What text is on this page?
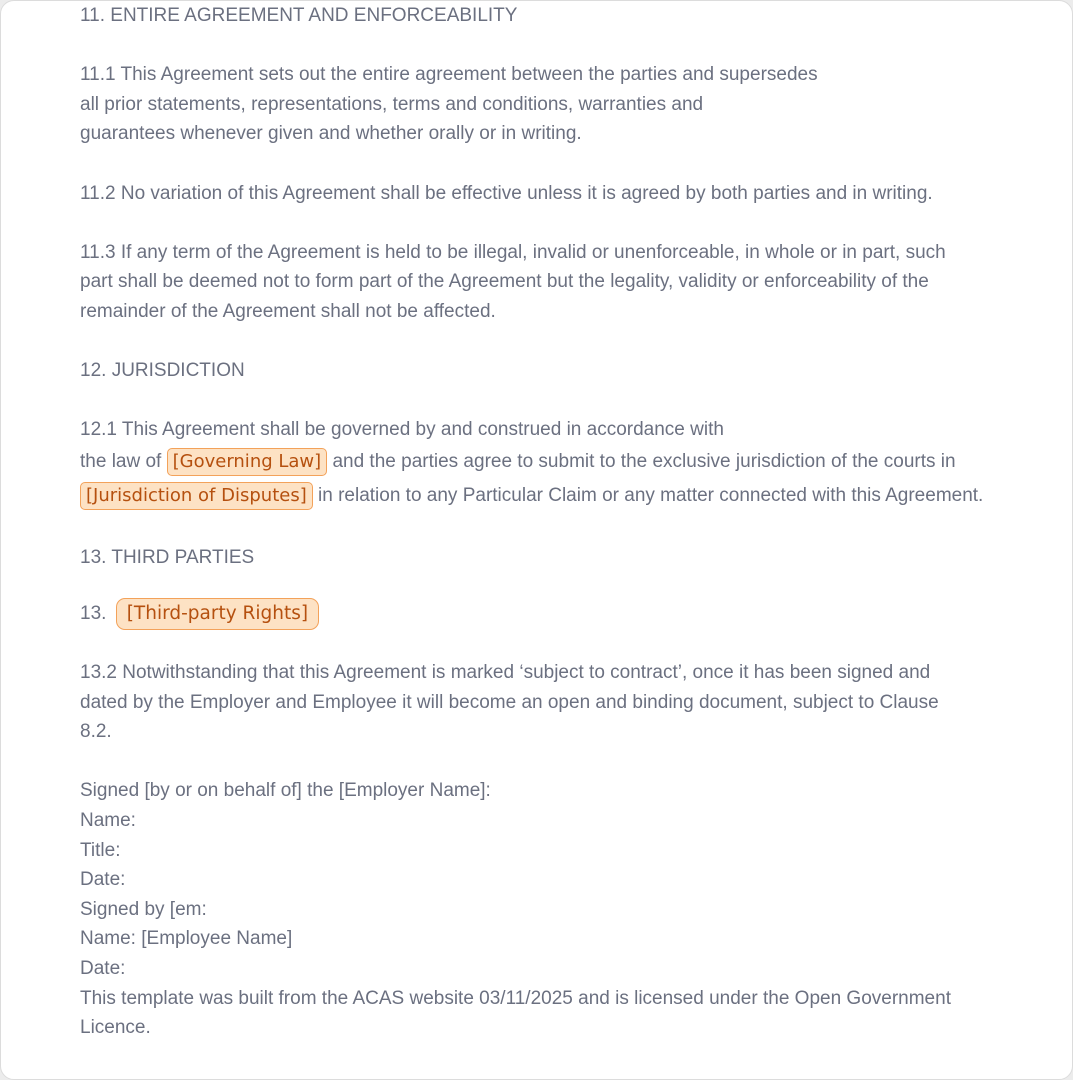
11. ENTIRE AGREEMENT AND ENFORCEABILITY
11.1 This Agreement sets out the entire agreement between the parties and supersedes
all prior statements, representations, terms and conditions, warranties and
guarantees whenever given and whether orally or in writing.
11.2 No variation of this Agreement shall be effective unless it is agreed by both parties and in writing.
11.3 If any term of the Agreement is held to be illegal, invalid or unenforceable, in whole or in part, such
part shall be deemed not to form part of the Agreement but the legality, validity or enforceability of the
remainder of the Agreement shall not be affected.
12. JURISDICTION
12.1 This Agreement shall be governed by and construed in accordance with
the law of [Governing Law] and the parties agree to submit to the exclusive jurisdiction of the courts in
[Jurisdiction of Disputes] in relation to any Particular Claim or any matter connected with this Agreement.
13. THIRD PARTIES
13. [Third-party Rights]
13.2 Notwithstanding that this Agreement is marked ‘subject to contract’, once it has been signed and
dated by the Employer and Employee it will become an open and binding document, subject to Clause
8.2.
Signed [by or on behalf of] the [Employer Name]:
Name:
Title:
Date:
Signed by [em:
Name: [Employee Name]
Date:
This template was built from the ACAS website 03/11/2025 and is licensed under the Open Government
Licence.
